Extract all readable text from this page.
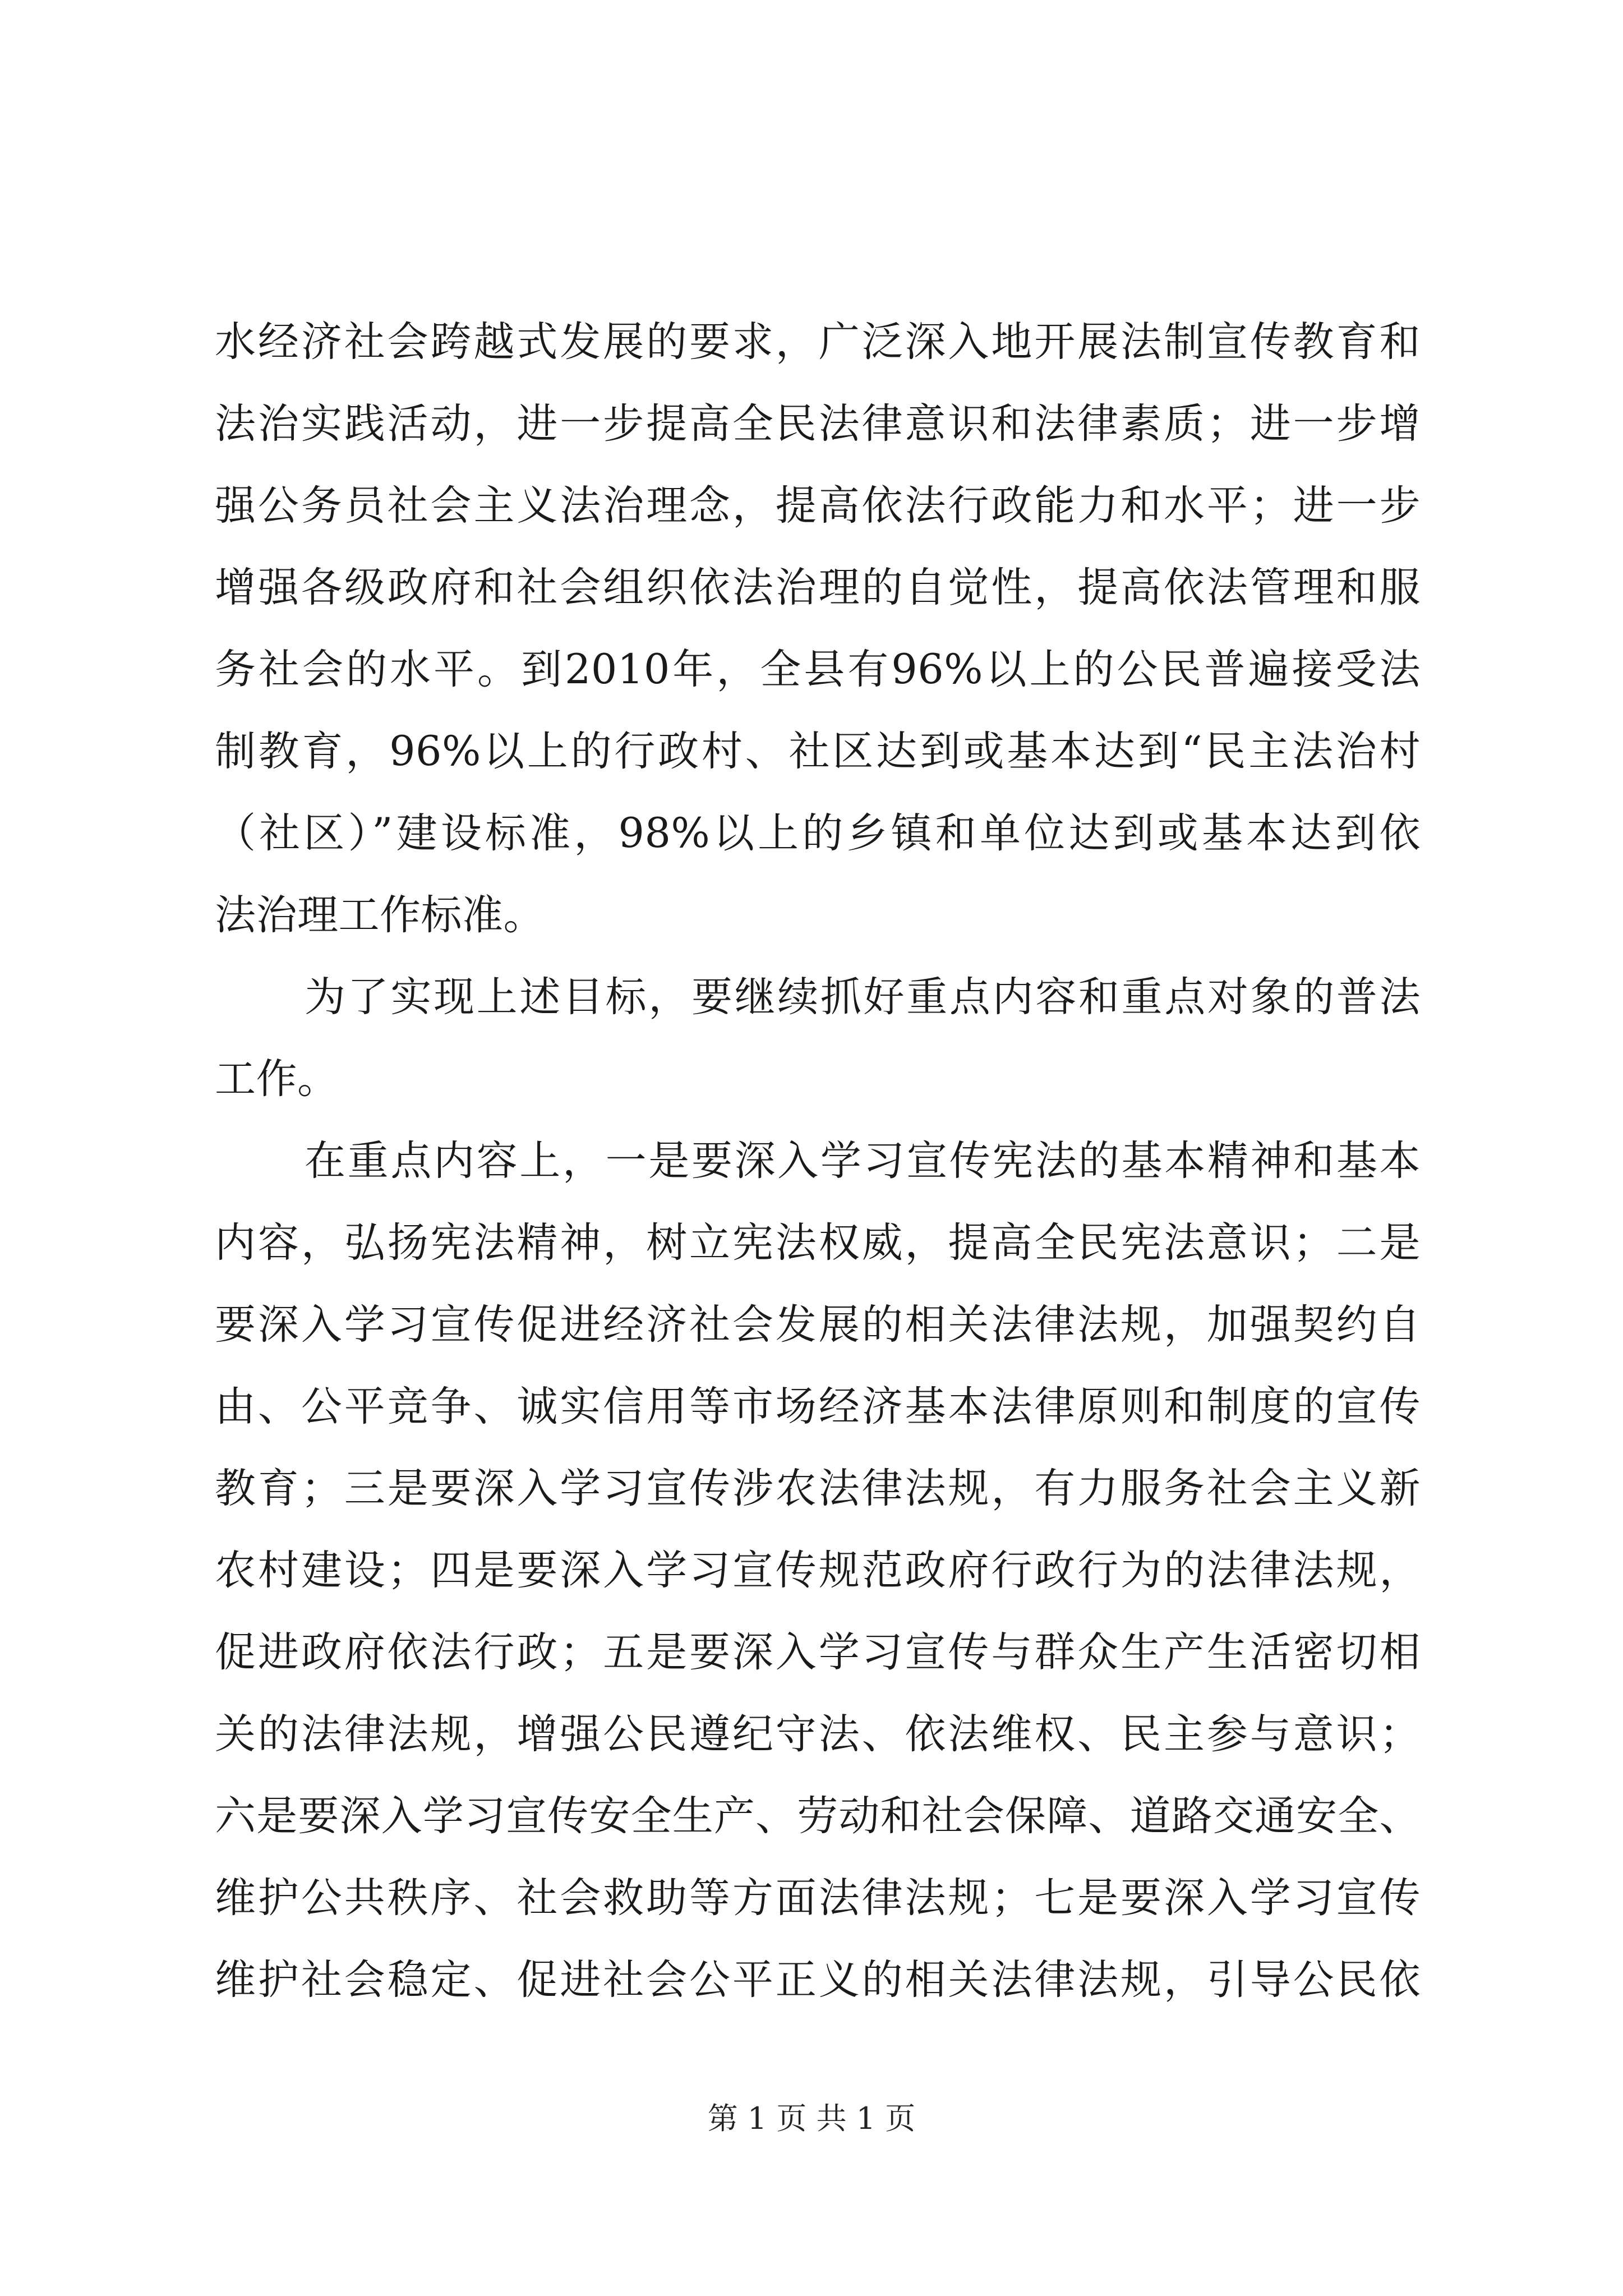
水经济社会跨越式发展的要求，广泛深入地开展法制宣传教育和
法治实践活动，进一步提高全民法律意识和法律素质；进一步增
强公务员社会主义法治理念，提高依法行政能力和水平；进一步
增强各级政府和社会组织依法治理的自觉性，提高依法管理和服
务社会的水平。到2010年，全县有96%以上的公民普遍接受法
制教育，96%以上的行政村、社区达到或基本达到“民主法治村
（社区）”建设标准，98%以上的乡镇和单位达到或基本达到依
法治理工作标准。
为了实现上述目标，要继续抓好重点内容和重点对象的普法
工作。
在重点内容上，一是要深入学习宣传宪法的基本精神和基本
内容，弘扬宪法精神，树立宪法权威，提高全民宪法意识；二是
要深入学习宣传促进经济社会发展的相关法律法规，加强契约自
由、公平竞争、诚实信用等市场经济基本法律原则和制度的宣传
教育；三是要深入学习宣传涉农法律法规，有力服务社会主义新
农村建设；四是要深入学习宣传规范政府行政行为的法律法规，
促进政府依法行政；五是要深入学习宣传与群众生产生活密切相
关的法律法规，增强公民遵纪守法、依法维权、民主参与意识；
六是要深入学习宣传安全生产、劳动和社会保障、道路交通安全、
维护公共秩序、社会救助等方面法律法规；七是要深入学习宣传
维护社会稳定、促进社会公平正义的相关法律法规，引导公民依
第 1 页 共 1 页
